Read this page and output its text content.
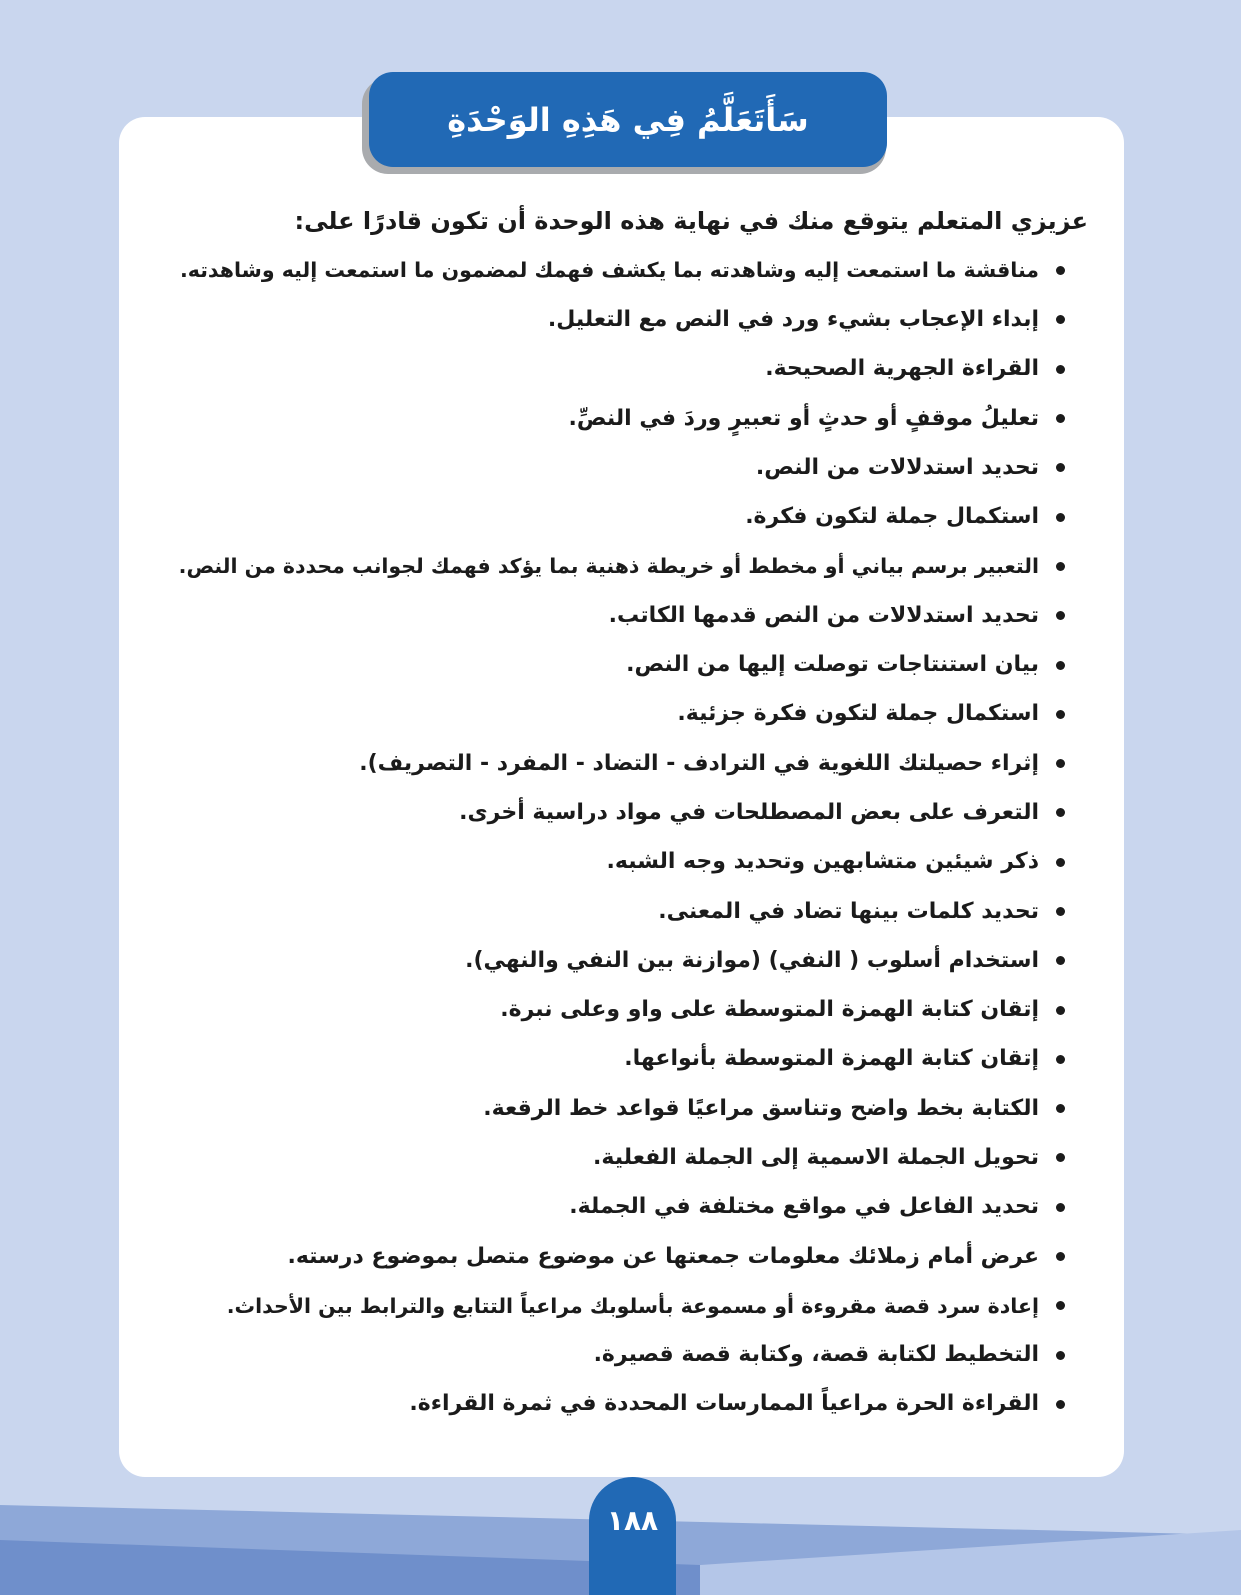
سَأَتَعَلَّمُ فِي هَذِهِ الوَحْدَةِ
عزيزي المتعلم يتوقع منك في نهاية هذه الوحدة أن تكون قادرًا على:
مناقشة ما استمعت إليه وشاهدته بما يكشف فهمك لمضمون ما استمعت إليه وشاهدته.
إبداء الإعجاب بشيء ورد في النص مع التعليل.
القراءة الجهرية الصحيحة.
تعليلُ موقفٍ أو حدثٍ أو تعبيرٍ وردَ في النصِّ.
تحديد استدلالات من النص.
استكمال جملة لتكون فكرة.
التعبير برسم بياني أو مخطط أو خريطة ذهنية بما يؤكد فهمك لجوانب محددة من النص.
تحديد استدلالات من النص قدمها الكاتب.
بيان استنتاجات توصلت إليها من النص.
استكمال جملة لتكون فكرة جزئية.
إثراء حصيلتك اللغوية في الترادف - التضاد - المفرد - التصريف).
التعرف على بعض المصطلحات في مواد دراسية أخرى.
ذكر شيئين متشابهين وتحديد وجه الشبه.
تحديد كلمات بينها تضاد في المعنى.
استخدام أسلوب ( النفي) (موازنة بين النفي والنهي).
إتقان كتابة الهمزة المتوسطة على واو وعلى نبرة.
إتقان كتابة الهمزة المتوسطة بأنواعها.
الكتابة بخط واضح وتناسق مراعيًا قواعد خط الرقعة.
تحويل الجملة الاسمية إلى الجملة الفعلية.
تحديد الفاعل في مواقع مختلفة في الجملة.
عرض أمام زملائك معلومات جمعتها عن موضوع متصل بموضوع درسته.
إعادة سرد قصة مقروءة أو مسموعة بأسلوبك مراعياً التتابع والترابط بين الأحداث.
التخطيط لكتابة قصة، وكتابة قصة قصيرة.
القراءة الحرة مراعياً الممارسات المحددة في ثمرة القراءة.
١٨٨
